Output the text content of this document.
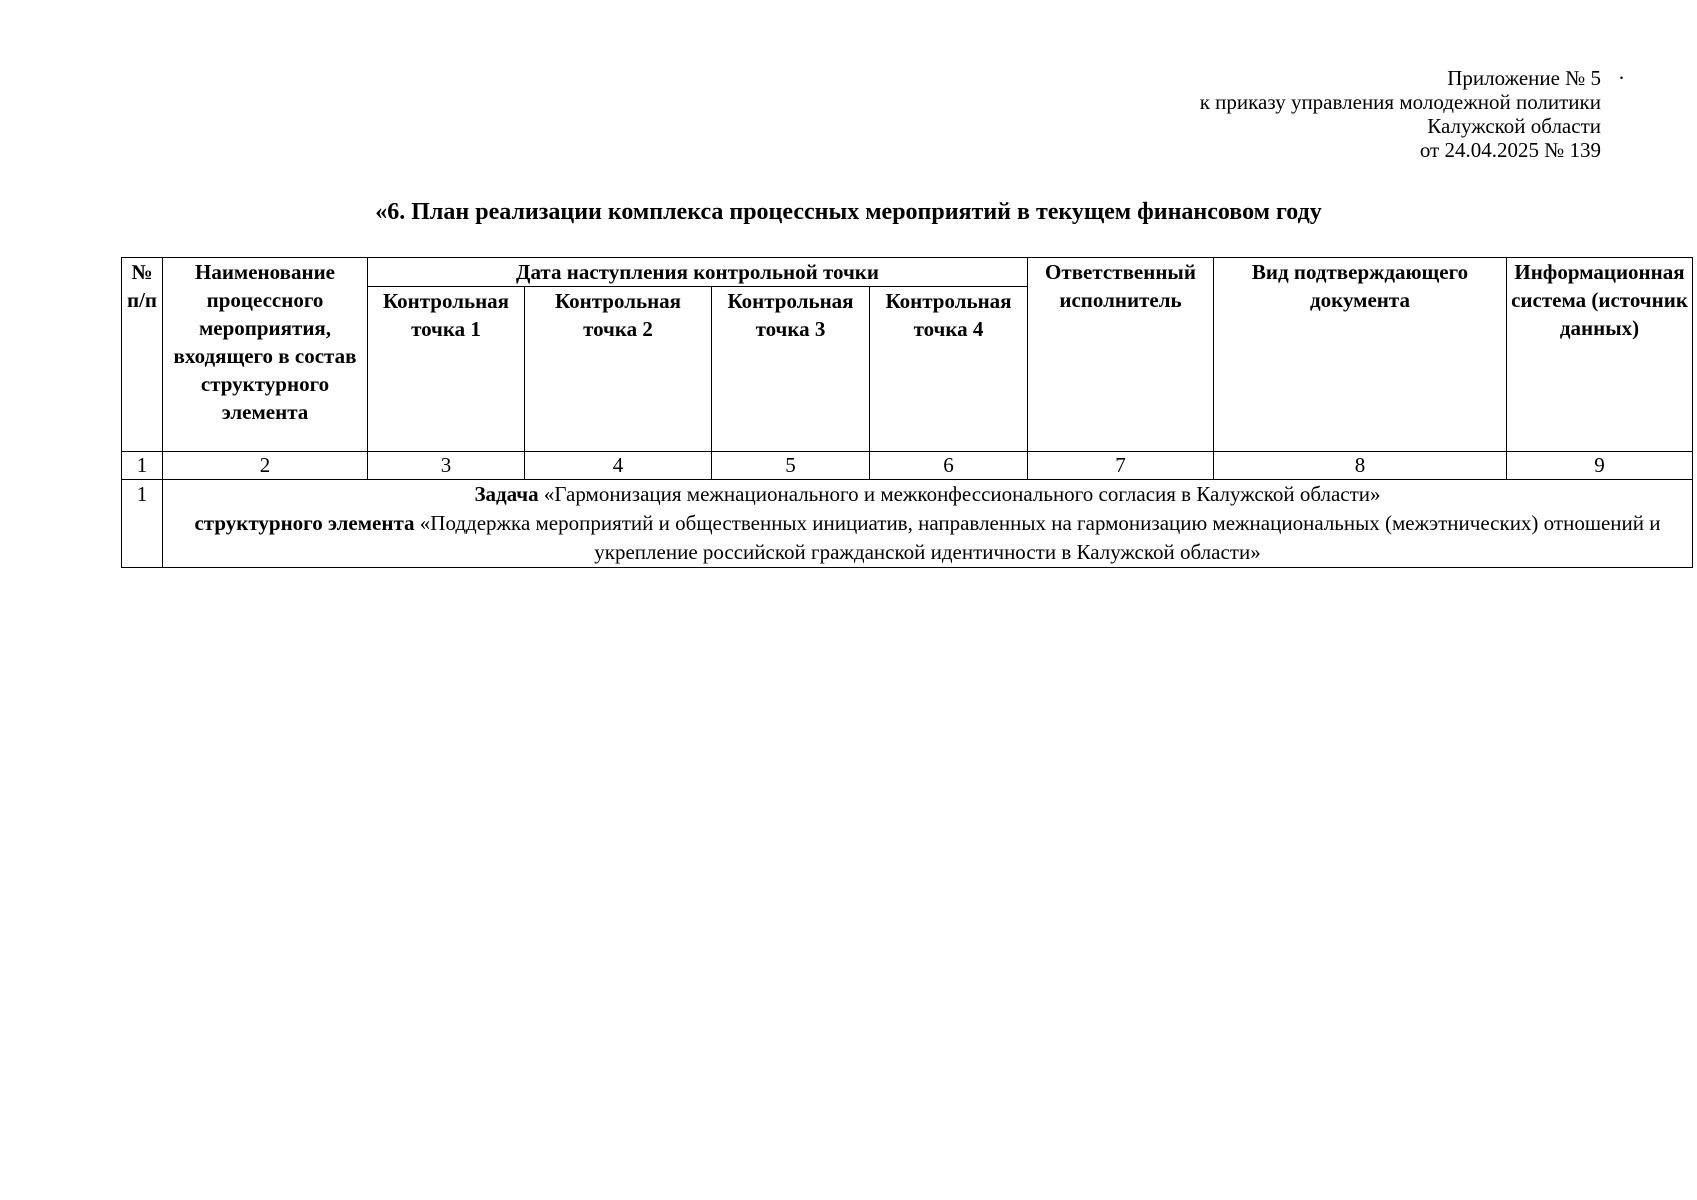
Приложение № 5
к приказу управления молодежной политики
Калужской области
от 24.04.2025 № 139
·
«6. План реализации комплекса процессных мероприятий в текущем финансовом году
№ п/п	Наименование процессного мероприятия, входящего в состав структурного элемента	Дата наступления контрольной точки				Ответственный исполнитель	Вид подтверждающего документа	Информационная система (источник данных)
		Контрольная точка 1	Контрольная точка 2	Контрольная точка 3	Контрольная точка 4			
1	2	3	4	5	6	7	8	9
1	Задача «Гармонизация межнационального и межконфессионального согласия в Калужской области»
структурного элемента «Поддержка мероприятий и общественных инициатив, направленных на гармонизацию межнациональных (межэтнических) отношений и укрепление российской гражданской идентичности в Калужской области»							
